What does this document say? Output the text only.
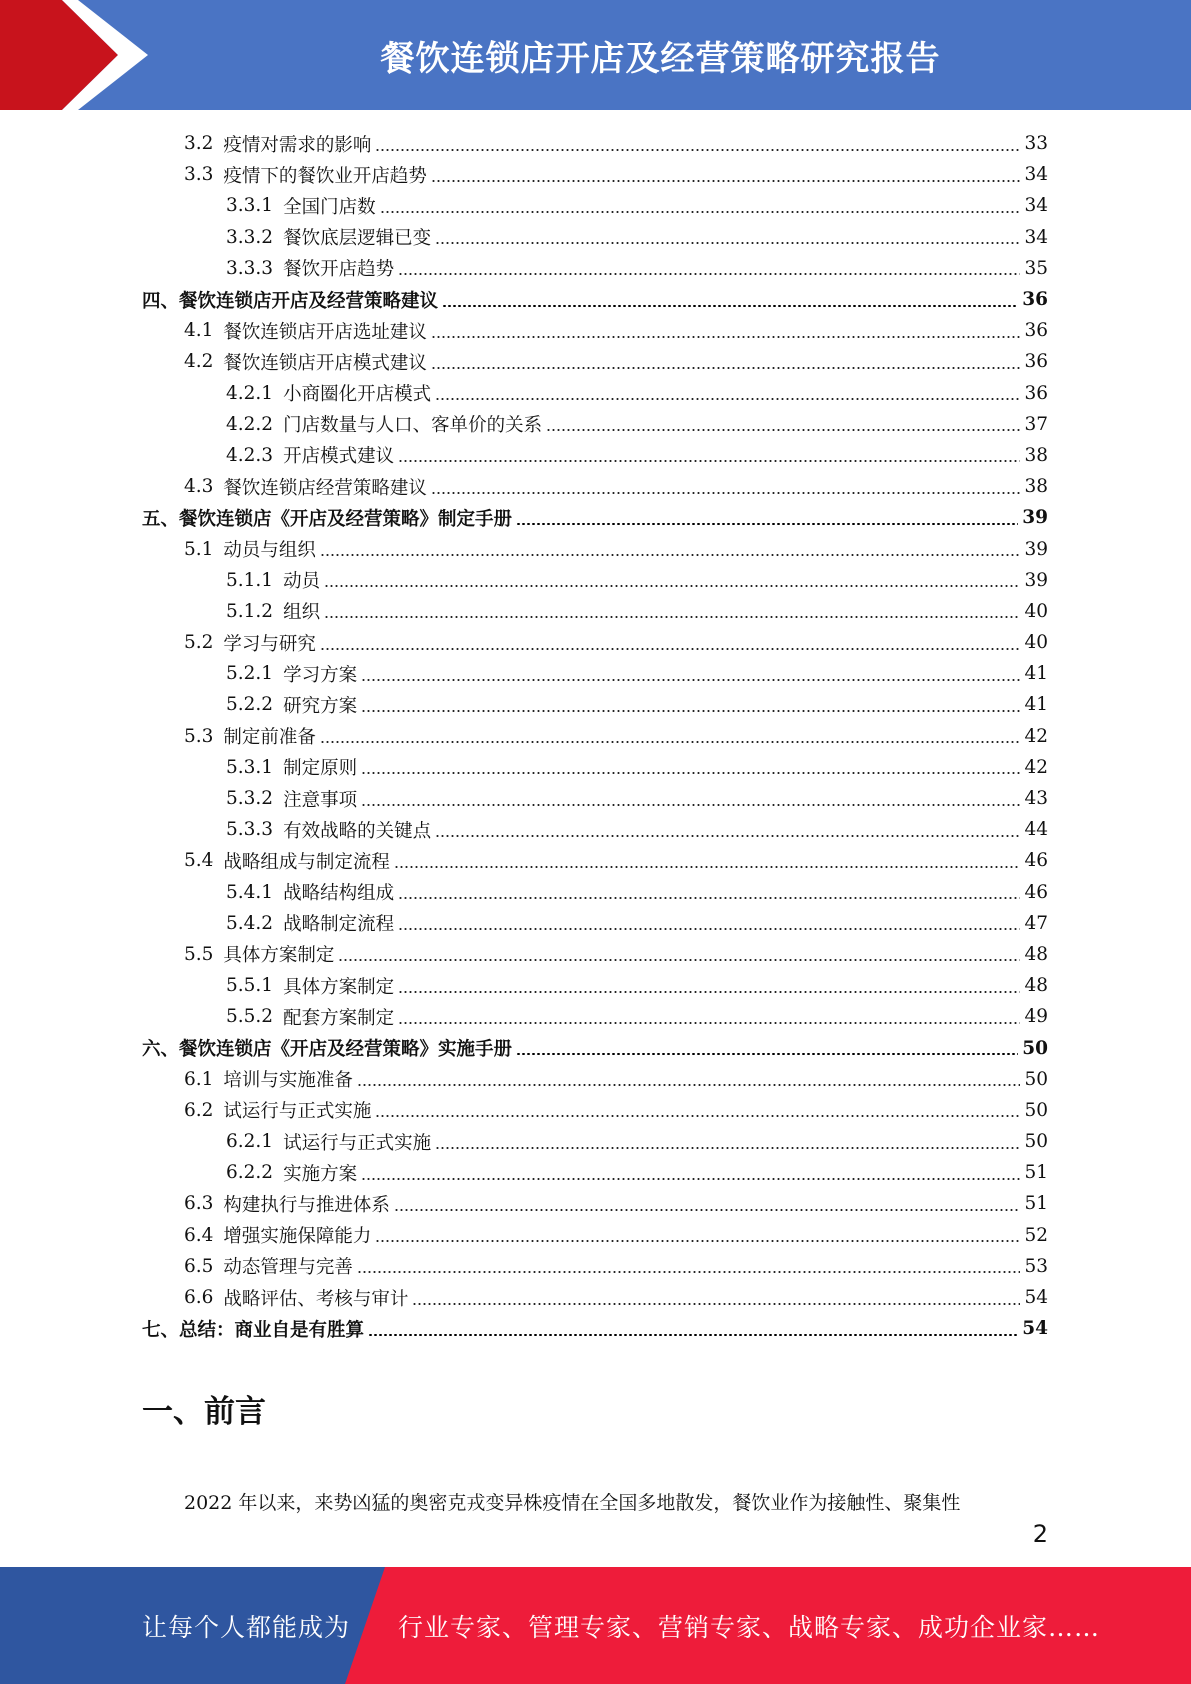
餐饮连锁店开店及经营策略研究报告
3.2 疫情对需求的影响	33
3.3 疫情下的餐饮业开店趋势	34
3.3.1 全国门店数	34
3.3.2 餐饮底层逻辑已变	34
3.3.3 餐饮开店趋势	35
四、 餐饮连锁店开店及经营策略建议	36
4.1 餐饮连锁店开店选址建议	36
4.2 餐饮连锁店开店模式建议	36
4.2.1 小商圈化开店模式	36
4.2.2 门店数量与人口、客单价的关系	37
4.2.3 开店模式建议	38
4.3 餐饮连锁店经营策略建议	38
五、 餐饮连锁店《开店及经营策略》制定手册	39
5.1 动员与组织	39
5.1.1 动员	39
5.1.2 组织	40
5.2 学习与研究	40
5.2.1 学习方案	41
5.2.2 研究方案	41
5.3 制定前准备	42
5.3.1 制定原则	42
5.3.2 注意事项	43
5.3.3 有效战略的关键点	44
5.4 战略组成与制定流程	46
5.4.1 战略结构组成	46
5.4.2 战略制定流程	47
5.5 具体方案制定	48
5.5.1 具体方案制定	48
5.5.2 配套方案制定	49
六、 餐饮连锁店《开店及经营策略》实施手册	50
6.1 培训与实施准备	50
6.2 试运行与正式实施	50
6.2.1 试运行与正式实施	50
6.2.2 实施方案	51
6.3 构建执行与推进体系	51
6.4 增强实施保障能力	52
6.5 动态管理与完善	53
6.6 战略评估、考核与审计	54
七、 总结：商业自是有胜算	54
一、前言
2022 年以来，来势凶猛的奥密克戎变异株疫情在全国多地散发，餐饮业作为接触性、聚集性
2
让每个人都能成为 行业专家、管理专家、营销专家、战略专家、成功企业家……
